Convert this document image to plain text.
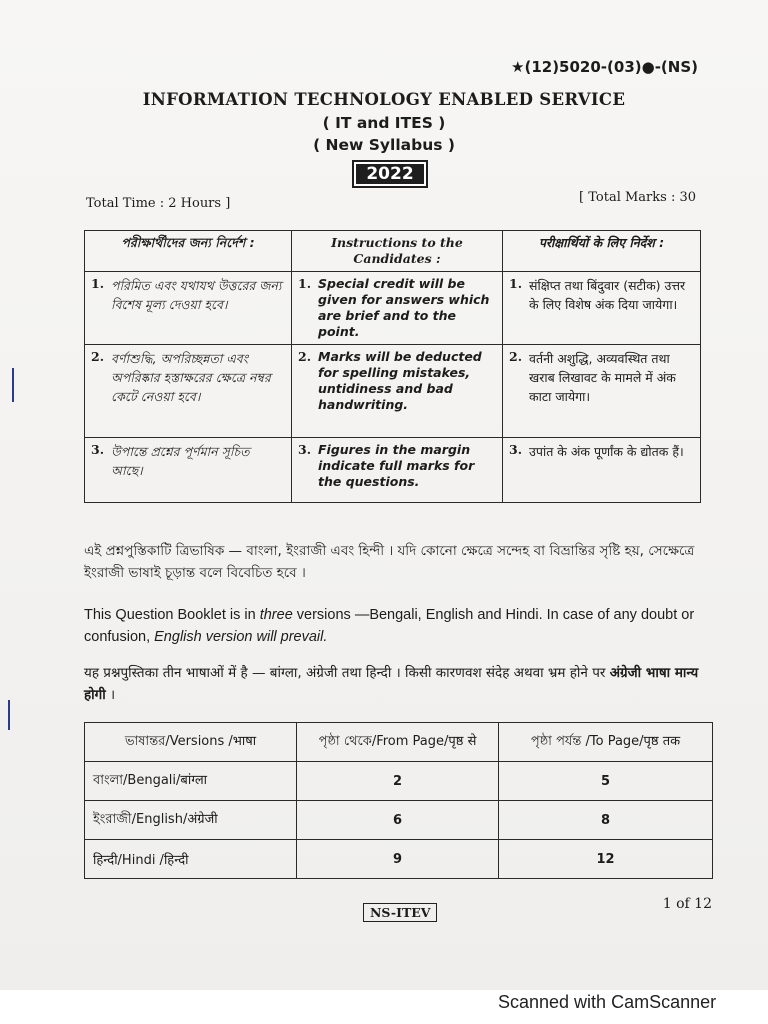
★(12)5020-(03)●-(NS)
INFORMATION TECHNOLOGY ENABLED SERVICE
( IT and ITES )
( New Syllabus )
2022
Total Time : 2 Hours ]	[ Total Marks : 30
পরীক্ষার্থীদের জন্য নির্দেশ :	Instructions to the Candidates :	परीक्षार्थियों के लिए निर्देश :

1. পরিমিত এবং যথাযথ উত্তরের জন্য বিশেষ মূল্য দেওয়া হবে।	1. Special credit will be given for answers which are brief and to the point.	1. संक्षिप्त तथा बिंदुवार (सटीक) उत्तर के लिए विशेष अंक दिया जायेगा।

2. বর্ণাশুদ্ধি, অপরিচ্ছন্নতা এবং অপরিষ্কার হস্তাক্ষরের ক্ষেত্রে নম্বর কেটে নেওয়া হবে।	2. Marks will be deducted for spelling mistakes, untidiness and bad handwriting.	2. वर्तनी अशुद्धि, अव्यवस्थित तथा खराब लिखावट के मामले में अंक काटा जायेगा।

3. উপান্তে প্রশ্নের পূর্ণমান সূচিত আছে।	3. Figures in the margin indicate full marks for the questions.	3. उपांत के अंक पूर्णांक के द्योतक हैं।
এই প্রশ্নপুস্তিকাটি ত্রিভাষিক — বাংলা, ইংরাজী এবং হিন্দী । যদি কোনো ক্ষেত্রে সন্দেহ বা বিভ্রান্তির সৃষ্টি হয়, সেক্ষেত্রে ইংরাজী ভাষাই চূড়ান্ত বলে বিবেচিত হবে ।
This Question Booklet is in three versions —Bengali, English and Hindi. In case of any doubt or confusion, English version will prevail.
यह प्रश्नपुस्तिका तीन भाषाओं में है — बांग्ला, अंग्रेजी तथा हिन्दी । किसी कारणवश संदेह अथवा भ्रम होने पर अंग्रेजी भाषा मान्य होगी ।
ভাষান্তর/Versions /भाषा	পৃষ্ঠা থেকে/From Page/पृष्ठ से	পৃষ্ঠা পর্যন্ত /To Page/पृष्ठ तक
বাংলা/Bengali/बांग्ला	2	5
ইংরাজী/English/अंग्रेजी	6	8
हिन्दी/Hindi /हिन्दी	9	12
NS-ITEV
1 of 12
Scanned with CamScanner
